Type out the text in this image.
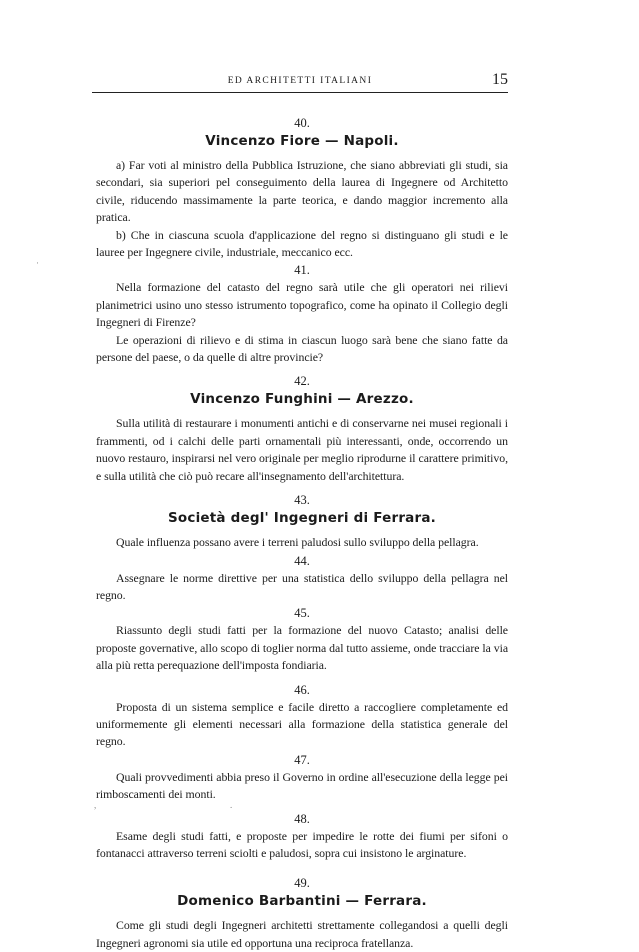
ED ARCHITETTI ITALIANI	15

40.

Vincenzo Fiore — Napoli.

a) Far voti al ministro della Pubblica Istruzione, che siano abbreviati gli studi, sia secondari, sia superiori pel conseguimento della laurea di Ingegnere od Architetto civile, riducendo massimamente la parte teorica, e dando maggior incremento alla pratica.

b) Che in ciascuna scuola d'applicazione del regno si distinguano gli studi e le lauree per Ingegnere civile, industriale, meccanico ecc.

41.

Nella formazione del catasto del regno sarà utile che gli operatori nei rilievi planimetrici usino uno stesso istrumento topografico, come ha opinato il Collegio degli Ingegneri di Firenze?

Le operazioni di rilievo e di stima in ciascun luogo sarà bene che siano fatte da persone del paese, o da quelle di altre provincie?

42.

Vincenzo Funghini — Arezzo.

Sulla utilità di restaurare i monumenti antichi e di conservarne nei musei regionali i frammenti, od i calchi delle parti ornamentali più interessanti, onde, occorrendo un nuovo restauro, inspirarsi nel vero originale per meglio riprodurne il carattere primitivo, e sulla utilità che ciò può recare all'insegnamento dell'architettura.

43.

Società degl' Ingegneri di Ferrara.

Quale influenza possano avere i terreni paludosi sullo sviluppo della pellagra.

44.

Assegnare le norme direttive per una statistica dello sviluppo della pellagra nel regno.

45.

Riassunto degli studi fatti per la formazione del nuovo Catasto; analisi delle proposte governative, allo scopo di toglier norma dal tutto assieme, onde tracciare la via alla più retta perequazione dell'imposta fondiaria.

46.

Proposta di un sistema semplice e facile diretto a raccogliere completamente ed uniformemente gli elementi necessari alla formazione della statistica generale del regno.

47.

Quali provvedimenti abbia preso il Governo in ordine all'esecuzione della legge pei rimboscamenti dei monti.

48.

Esame degli studi fatti, e proposte per impedire le rotte dei fiumi per sifoni o fontanacci attraverso terreni sciolti e paludosi, sopra cui insistono le arginature.

49.

Domenico Barbantini — Ferrara.

Come gli studi degli Ingegneri architetti strettamente collegandosi a quelli degli Ingegneri agronomi sia utile ed opportuna una reciproca fratellanza.

·
,	.
